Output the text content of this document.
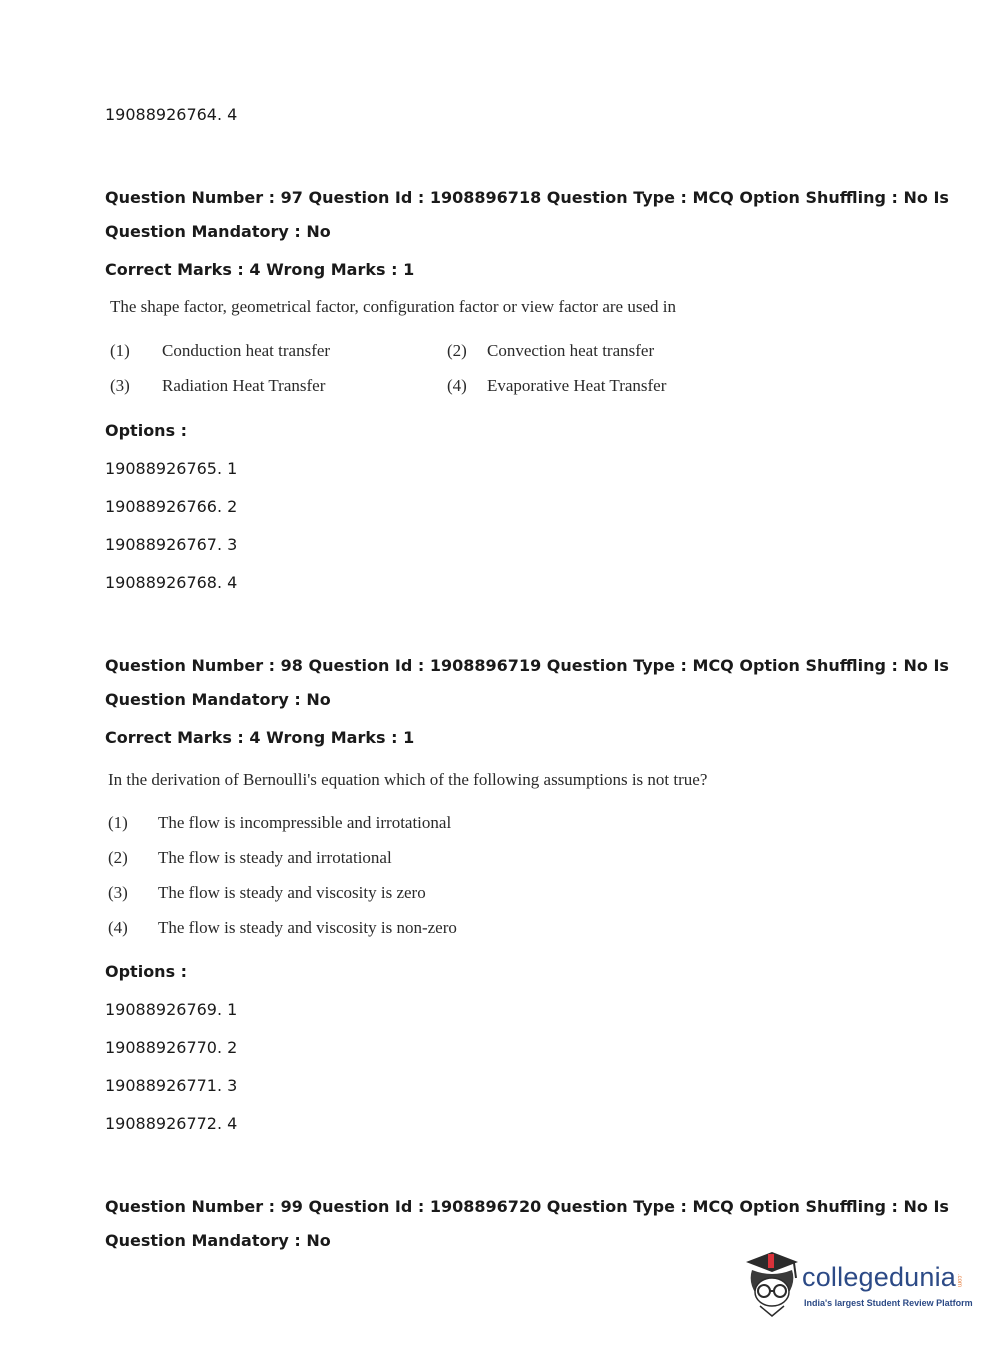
19088926764. 4
Question Number : 97 Question Id : 1908896718 Question Type : MCQ Option Shuffling : No Is
Question Mandatory : No
Correct Marks : 4 Wrong Marks : 1
The shape factor, geometrical factor, configuration factor or view factor are used in
(1) Conduction heat transfer	(2) Convection heat transfer
(3) Radiation Heat Transfer	(4) Evaporative Heat Transfer
Options :
19088926765. 1
19088926766. 2
19088926767. 3
19088926768. 4
Question Number : 98 Question Id : 1908896719 Question Type : MCQ Option Shuffling : No Is
Question Mandatory : No
Correct Marks : 4 Wrong Marks : 1
In the derivation of Bernoulli's equation which of the following assumptions is not true?
(1) The flow is incompressible and irrotational
(2) The flow is steady and irrotational
(3) The flow is steady and viscosity is zero
(4) The flow is steady and viscosity is non-zero
Options :
19088926769. 1
19088926770. 2
19088926771. 3
19088926772. 4
Question Number : 99 Question Id : 1908896720 Question Type : MCQ Option Shuffling : No Is
Question Mandatory : No
collegedunia .com
India's largest Student Review Platform
